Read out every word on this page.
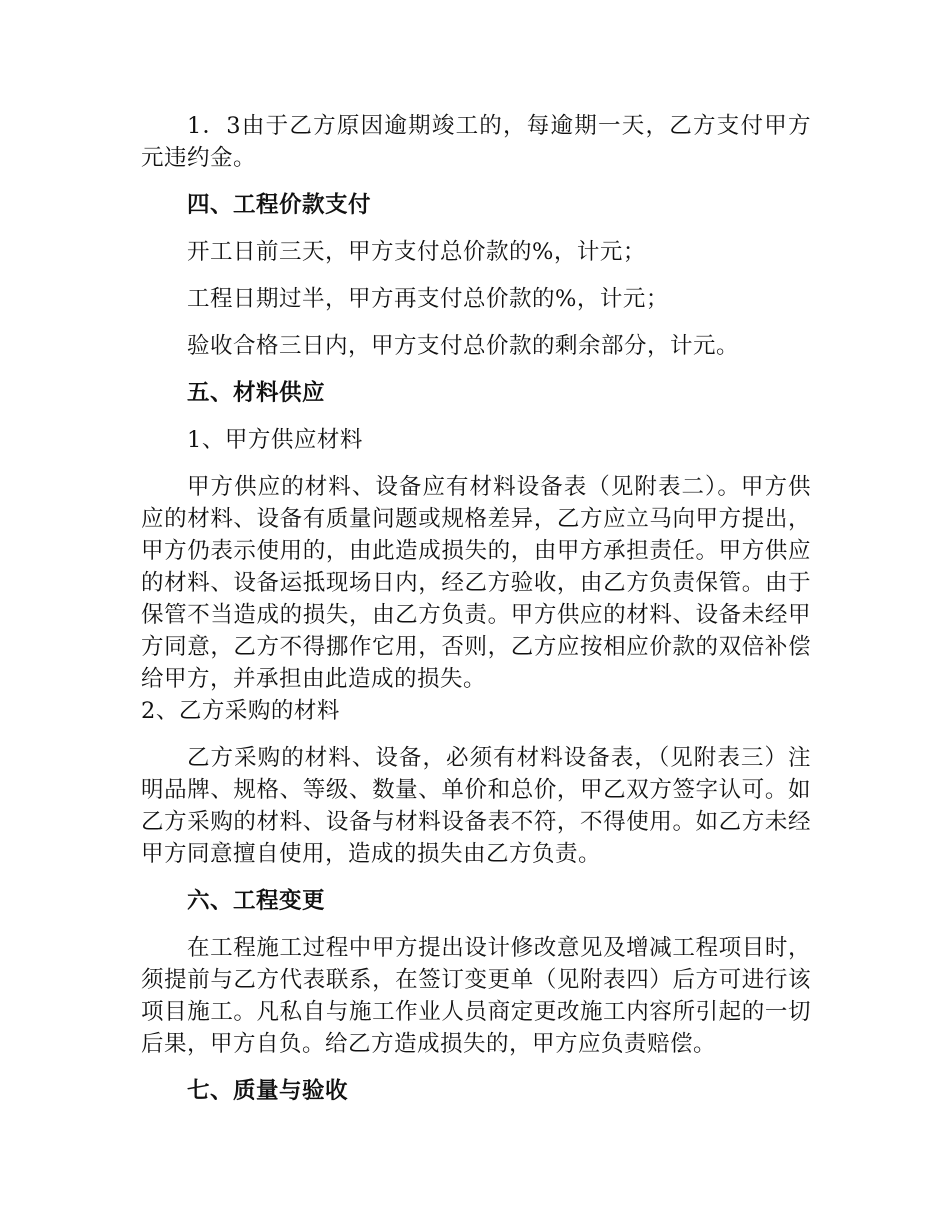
1．3由于乙方原因逾期竣工的，每逾期一天，乙方支付甲方元违约金。

四、工程价款支付

开工日前三天，甲方支付总价款的%，计元；

工程日期过半，甲方再支付总价款的%，计元；

验收合格三日内，甲方支付总价款的剩余部分，计元。

五、材料供应

1、甲方供应材料

甲方供应的材料、设备应有材料设备表（见附表二）。甲方供应的材料、设备有质量问题或规格差异，乙方应立马向甲方提出，甲方仍表示使用的，由此造成损失的，由甲方承担责任。甲方供应的材料、设备运抵现场日内，经乙方验收，由乙方负责保管。由于保管不当造成的损失，由乙方负责。甲方供应的材料、设备未经甲方同意，乙方不得挪作它用，否则，乙方应按相应价款的双倍补偿给甲方，并承担由此造成的损失。

2、乙方采购的材料

乙方采购的材料、设备，必须有材料设备表，（见附表三）注明品牌、规格、等级、数量、单价和总价，甲乙双方签字认可。如乙方采购的材料、设备与材料设备表不符，不得使用。如乙方未经甲方同意擅自使用，造成的损失由乙方负责。

六、工程变更

在工程施工过程中甲方提出设计修改意见及增减工程项目时，须提前与乙方代表联系，在签订变更单（见附表四）后方可进行该项目施工。凡私自与施工作业人员商定更改施工内容所引起的一切后果，甲方自负。给乙方造成损失的，甲方应负责赔偿。

七、质量与验收
